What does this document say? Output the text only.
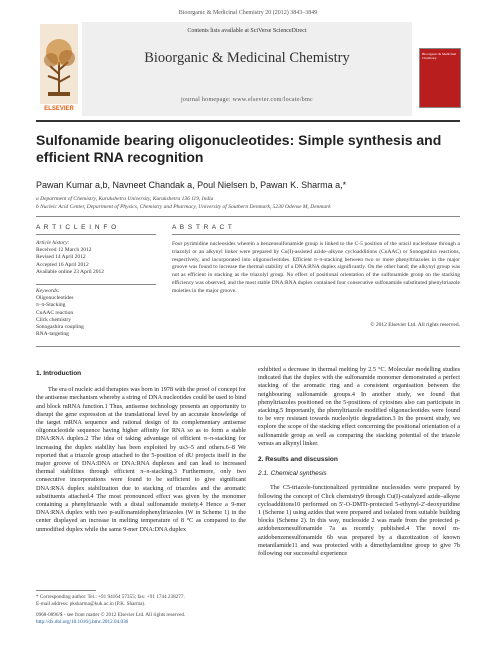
Bioorganic & Medicinal Chemistry 20 (2012) 3843–3849
ELSEVIER
Contents lists available at SciVerse ScienceDirect
Bioorganic & Medicinal Chemistry
journal homepage: www.elsevier.com/locate/bmc
Bioorganic & Medicinal Chemistry
Sulfonamide bearing oligonucleotides: Simple synthesis and efficient RNA recognition
Pawan Kumar a,b, Navneet Chandak a, Poul Nielsen b, Pawan K. Sharma a,*
a Department of Chemistry, Kurukshetra University, Kurukshetra 136 119, India
b Nucleic Acid Center, Department of Physics, Chemistry and Pharmacy, University of Southern Denmark, 5230 Odense M, Denmark
A R T I C L E I N F O	A B S T R A C T
Article history:
Received 12 March 2012
Revised 14 April 2012
Accepted 16 April 2012
Available online 23 April 2012
Keywords:
Oligonucleotides
π–π-Stacking
CuAAC reaction
Click chemistry
Sonogashira coupling
RNA-targeting
Four pyrimidine nucleosides wherein a benzensulfonamide group is linked to the C-5 position of the uracil nucleobase through a triazolyl or an alkynyl linker were prepared by Cu(I)-assisted azide–alkyne cycloadditions (CuAAC) or Sonogashira reactions, respectively, and incorporated into oligonucleotides. Efficient π–π-stacking between two or more phenyltriazoles in the major groove was found to increase the thermal stability of a DNA:RNA duplex significantly. On the other hand; the alkynyl group was not as efficient in stacking as the triazolyl group. No effect of positional orientation of the sulfonamide group on the stacking efficiency was observed, and the most stable DNA:RNA duplex contained four consecutive sulfonamide substituted phenyltriazole moieties in the major groove.
© 2012 Elsevier Ltd. All rights reserved.
1. Introduction

The era of nucleic acid therapies was born in 1978 with the proof of concept for the antisense mechanism whereby a string of DNA nucleotides could be used to bind and block mRNA function.1 Thus, antisense technology presents an opportunity to disrupt the gene expression at the translational level by an accurate knowledge of the target mRNA sequence and rational design of its complementary antisense oligonucleotide sequence having higher affinity for RNA so as to form a stable DNA:RNA duplex.2 The idea of taking advantage of efficient π–π-stacking for increasing the duplex stability has been exploited by us3–5 and others.6–8 We reported that a triazole group attached to the 5-position of dU projects itself in the major groove of DNA:DNA or DNA:RNA duplexes and can lead to increased thermal stabilities through efficient π–π-stacking.3 Furthermore, only two consecutive incorporations were found to be sufficient to give significant DNA:RNA duplex stabilization due to stacking of triazoles and the aromatic substituents attached.4 The most pronounced effect was given by the monomer containing a phenyltriazole with a distal sulfonamide moiety.4 Hence a 9-mer DNA:RNA duplex with two p-sulfonamidophenyltriazoles (W in Scheme 1) in the center displayed an increase in melting temperature of 8 °C as compared to the unmodified duplex while the same 9-mer DNA:DNA duplex

exhibited a decrease in thermal melting by 2.5 °C. Molecular modelling studies indicated that the duplex with the sulfonamide monomer demonstrated a perfect stacking of the aromatic ring and a consistent organisation between the neighbouring sulfonamide groups.4 In another study, we found that phenyltriazoles positioned on the 5-positions of cytosines also can participate in stacking.5 Importantly, the phenyltriazole modified oligonucleotides were found to be very resistant towards nucleolytic degradation.3 In the present study, we explore the scope of the stacking effect concerning the positional orientation of a sulfonamide group as well as comparing the stacking potential of the triazole versus an alkynyl linker.

2. Results and discussion
2.1. Chemical synthesis

The C5-triazole-functionalized pyrimidine nucleosides were prepared by following the concept of Click chemistry9 through Cu(I)-catalyzed azide–alkyne cycloadditions10 performed on 5′-O-DMTr-protected 5-ethynyl-2′-deoxyuridine 1 (Scheme 1) using azides that were prepared and isolated from suitable building blocks (Scheme 2). In this way, nucleoside 2 was made from the protected p-azidobenzenesulfonamide 7a as recently published.4 The novel m-azidobenzenesulfonamide 6b was prepared by a diazotization of known metanilamide11 and was protected with a dimethylamidine group to give 7b following our successful experience

* Corresponding author. Tel.: +91 94164 57355; fax: +91 1744 238277.
E-mail address: pksharma@kuk.ac.in (P.K. Sharma).
0968-0896/$ - see front matter © 2012 Elsevier Ltd. All rights reserved.
http://dx.doi.org/10.1016/j.bmc.2012.04.036
